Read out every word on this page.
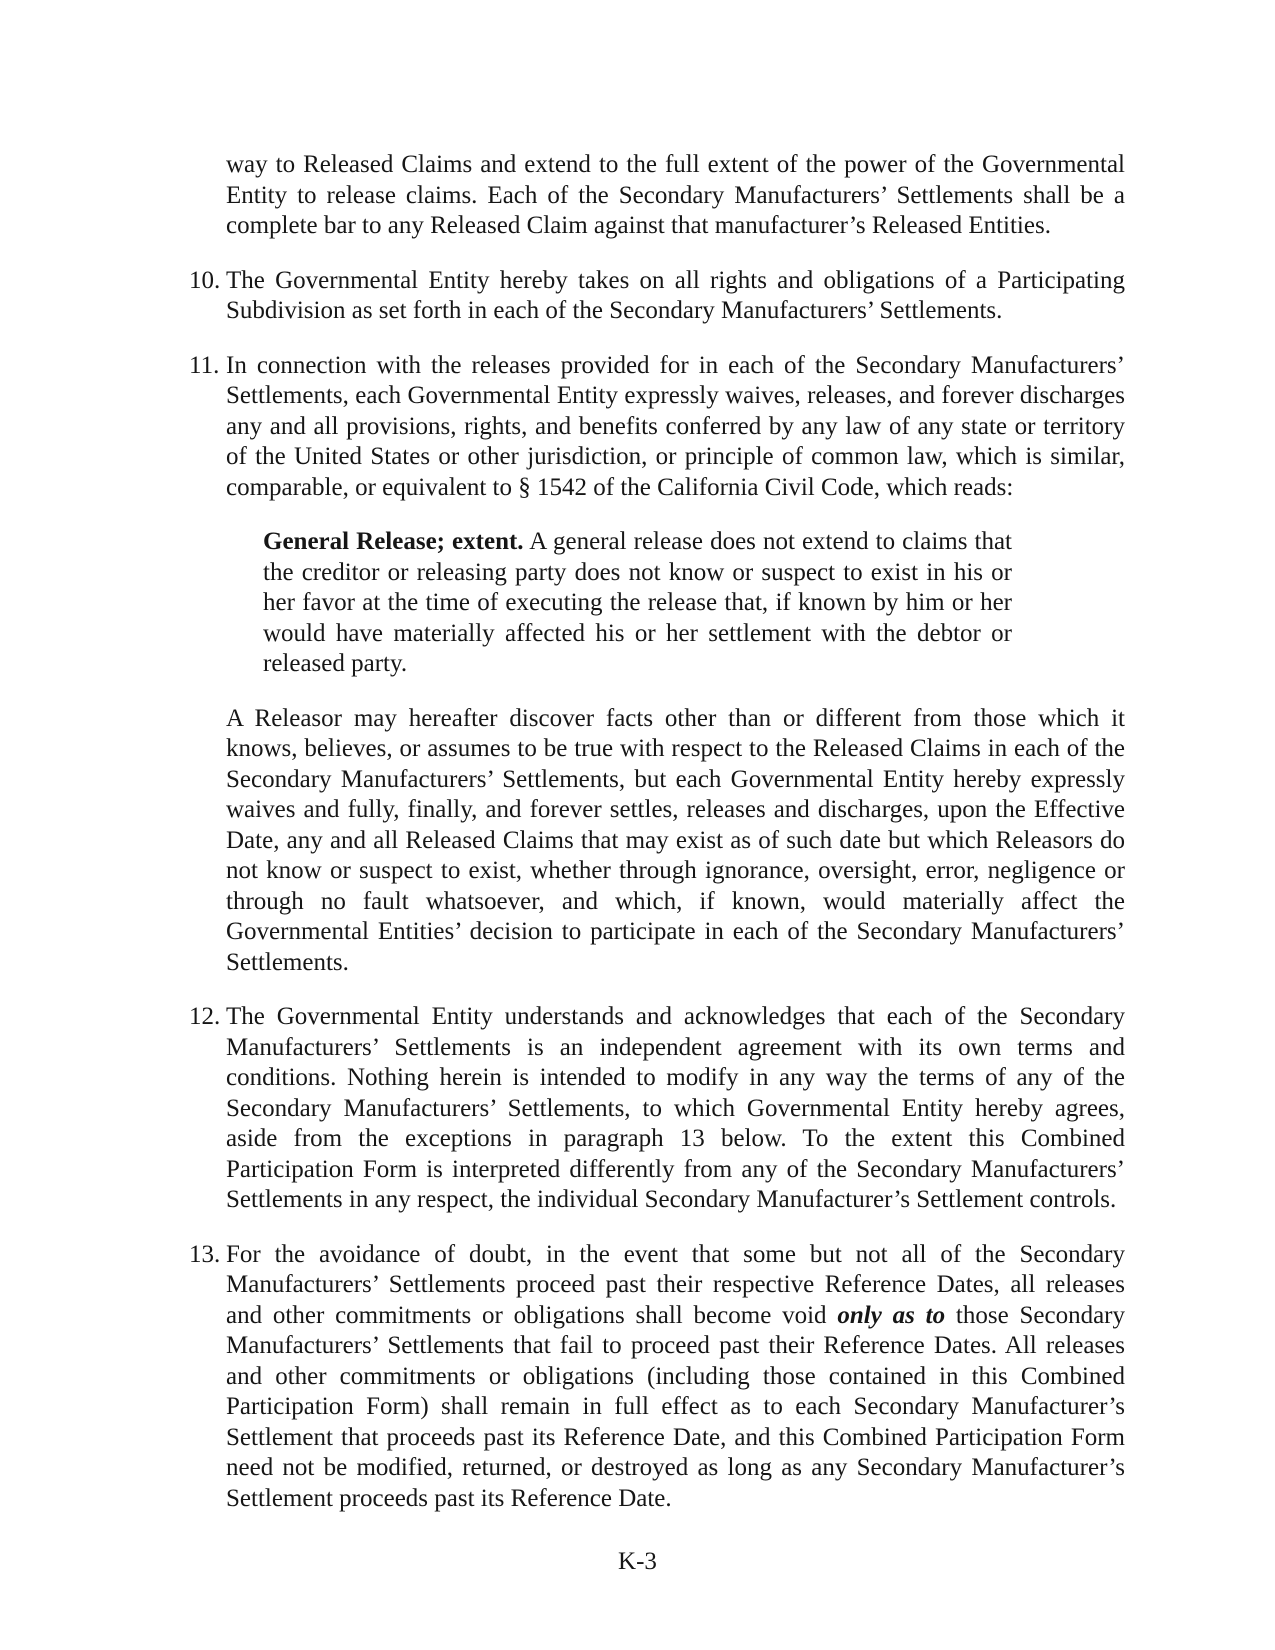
way to Released Claims and extend to the full extent of the power of the Governmental Entity to release claims. Each of the Secondary Manufacturers’ Settlements shall be a complete bar to any Released Claim against that manufacturer’s Released Entities.

10. The Governmental Entity hereby takes on all rights and obligations of a Participating Subdivision as set forth in each of the Secondary Manufacturers’ Settlements.
11. In connection with the releases provided for in each of the Secondary Manufacturers’ Settlements, each Governmental Entity expressly waives, releases, and forever discharges any and all provisions, rights, and benefits conferred by any law of any state or territory of the United States or other jurisdiction, or principle of common law, which is similar, comparable, or equivalent to § 1542 of the California Civil Code, which reads:
General Release; extent. A general release does not extend to claims that the creditor or releasing party does not know or suspect to exist in his or her favor at the time of executing the release that, if known by him or her would have materially affected his or her settlement with the debtor or released party.

A Releasor may hereafter discover facts other than or different from those which it knows, believes, or assumes to be true with respect to the Released Claims in each of the Secondary Manufacturers’ Settlements, but each Governmental Entity hereby expressly waives and fully, finally, and forever settles, releases and discharges, upon the Effective Date, any and all Released Claims that may exist as of such date but which Releasors do not know or suspect to exist, whether through ignorance, oversight, error, negligence or through no fault whatsoever, and which, if known, would materially affect the Governmental Entities’ decision to participate in each of the Secondary Manufacturers’ Settlements.

12. The Governmental Entity understands and acknowledges that each of the Secondary Manufacturers’ Settlements is an independent agreement with its own terms and conditions. Nothing herein is intended to modify in any way the terms of any of the Secondary Manufacturers’ Settlements, to which Governmental Entity hereby agrees, aside from the exceptions in paragraph 13 below. To the extent this Combined Participation Form is interpreted differently from any of the Secondary Manufacturers’ Settlements in any respect, the individual Secondary Manufacturer’s Settlement controls.
13. For the avoidance of doubt, in the event that some but not all of the Secondary Manufacturers’ Settlements proceed past their respective Reference Dates, all releases and other commitments or obligations shall become void only as to those Secondary Manufacturers’ Settlements that fail to proceed past their Reference Dates. All releases and other commitments or obligations (including those contained in this Combined Participation Form) shall remain in full effect as to each Secondary Manufacturer’s Settlement that proceeds past its Reference Date, and this Combined Participation Form need not be modified, returned, or destroyed as long as any Secondary Manufacturer’s Settlement proceeds past its Reference Date.
K-3
